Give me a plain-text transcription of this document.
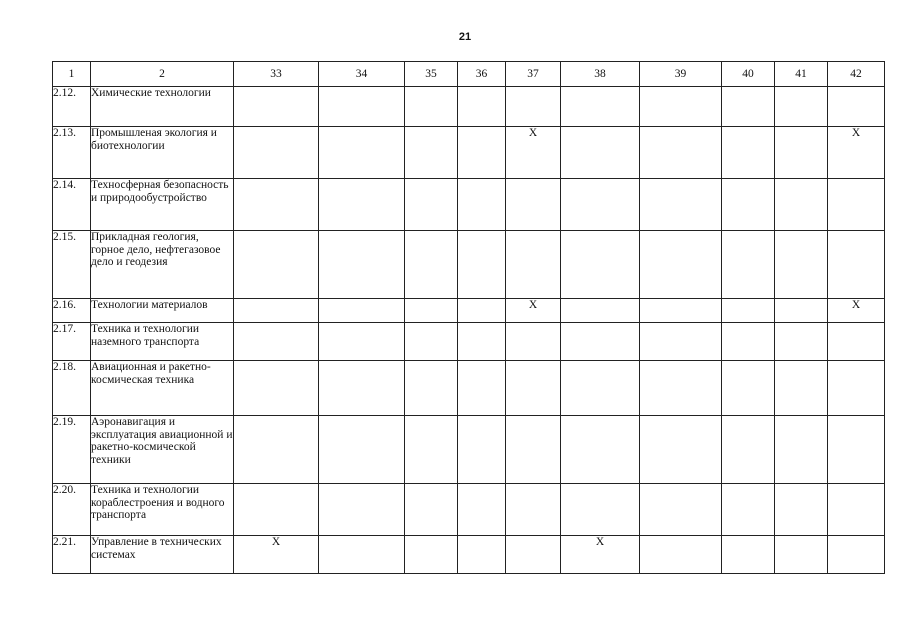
21
1	2	33	34	35	36	37	38	39	40	41	42
2.12.	Химические технологии										
2.13.	Промышленая экология и биотехнологии					X					X
2.14.	Техносферная безопасность и природообустройство										
2.15.	Прикладная геология, горное дело, нефтегазовое дело и геодезия										
2.16.	Технологии материалов					X					X
2.17.	Техника и технологии наземного транспорта										
2.18.	Авиационная и ракетно-космическая техника										
2.19.	Аэронавигация и эксплуатация авиационной и ракетно-космической техники										
2.20.	Техника и технологии кораблестроения и водного транспорта										
2.21.	Управление в технических системах	X					X				
